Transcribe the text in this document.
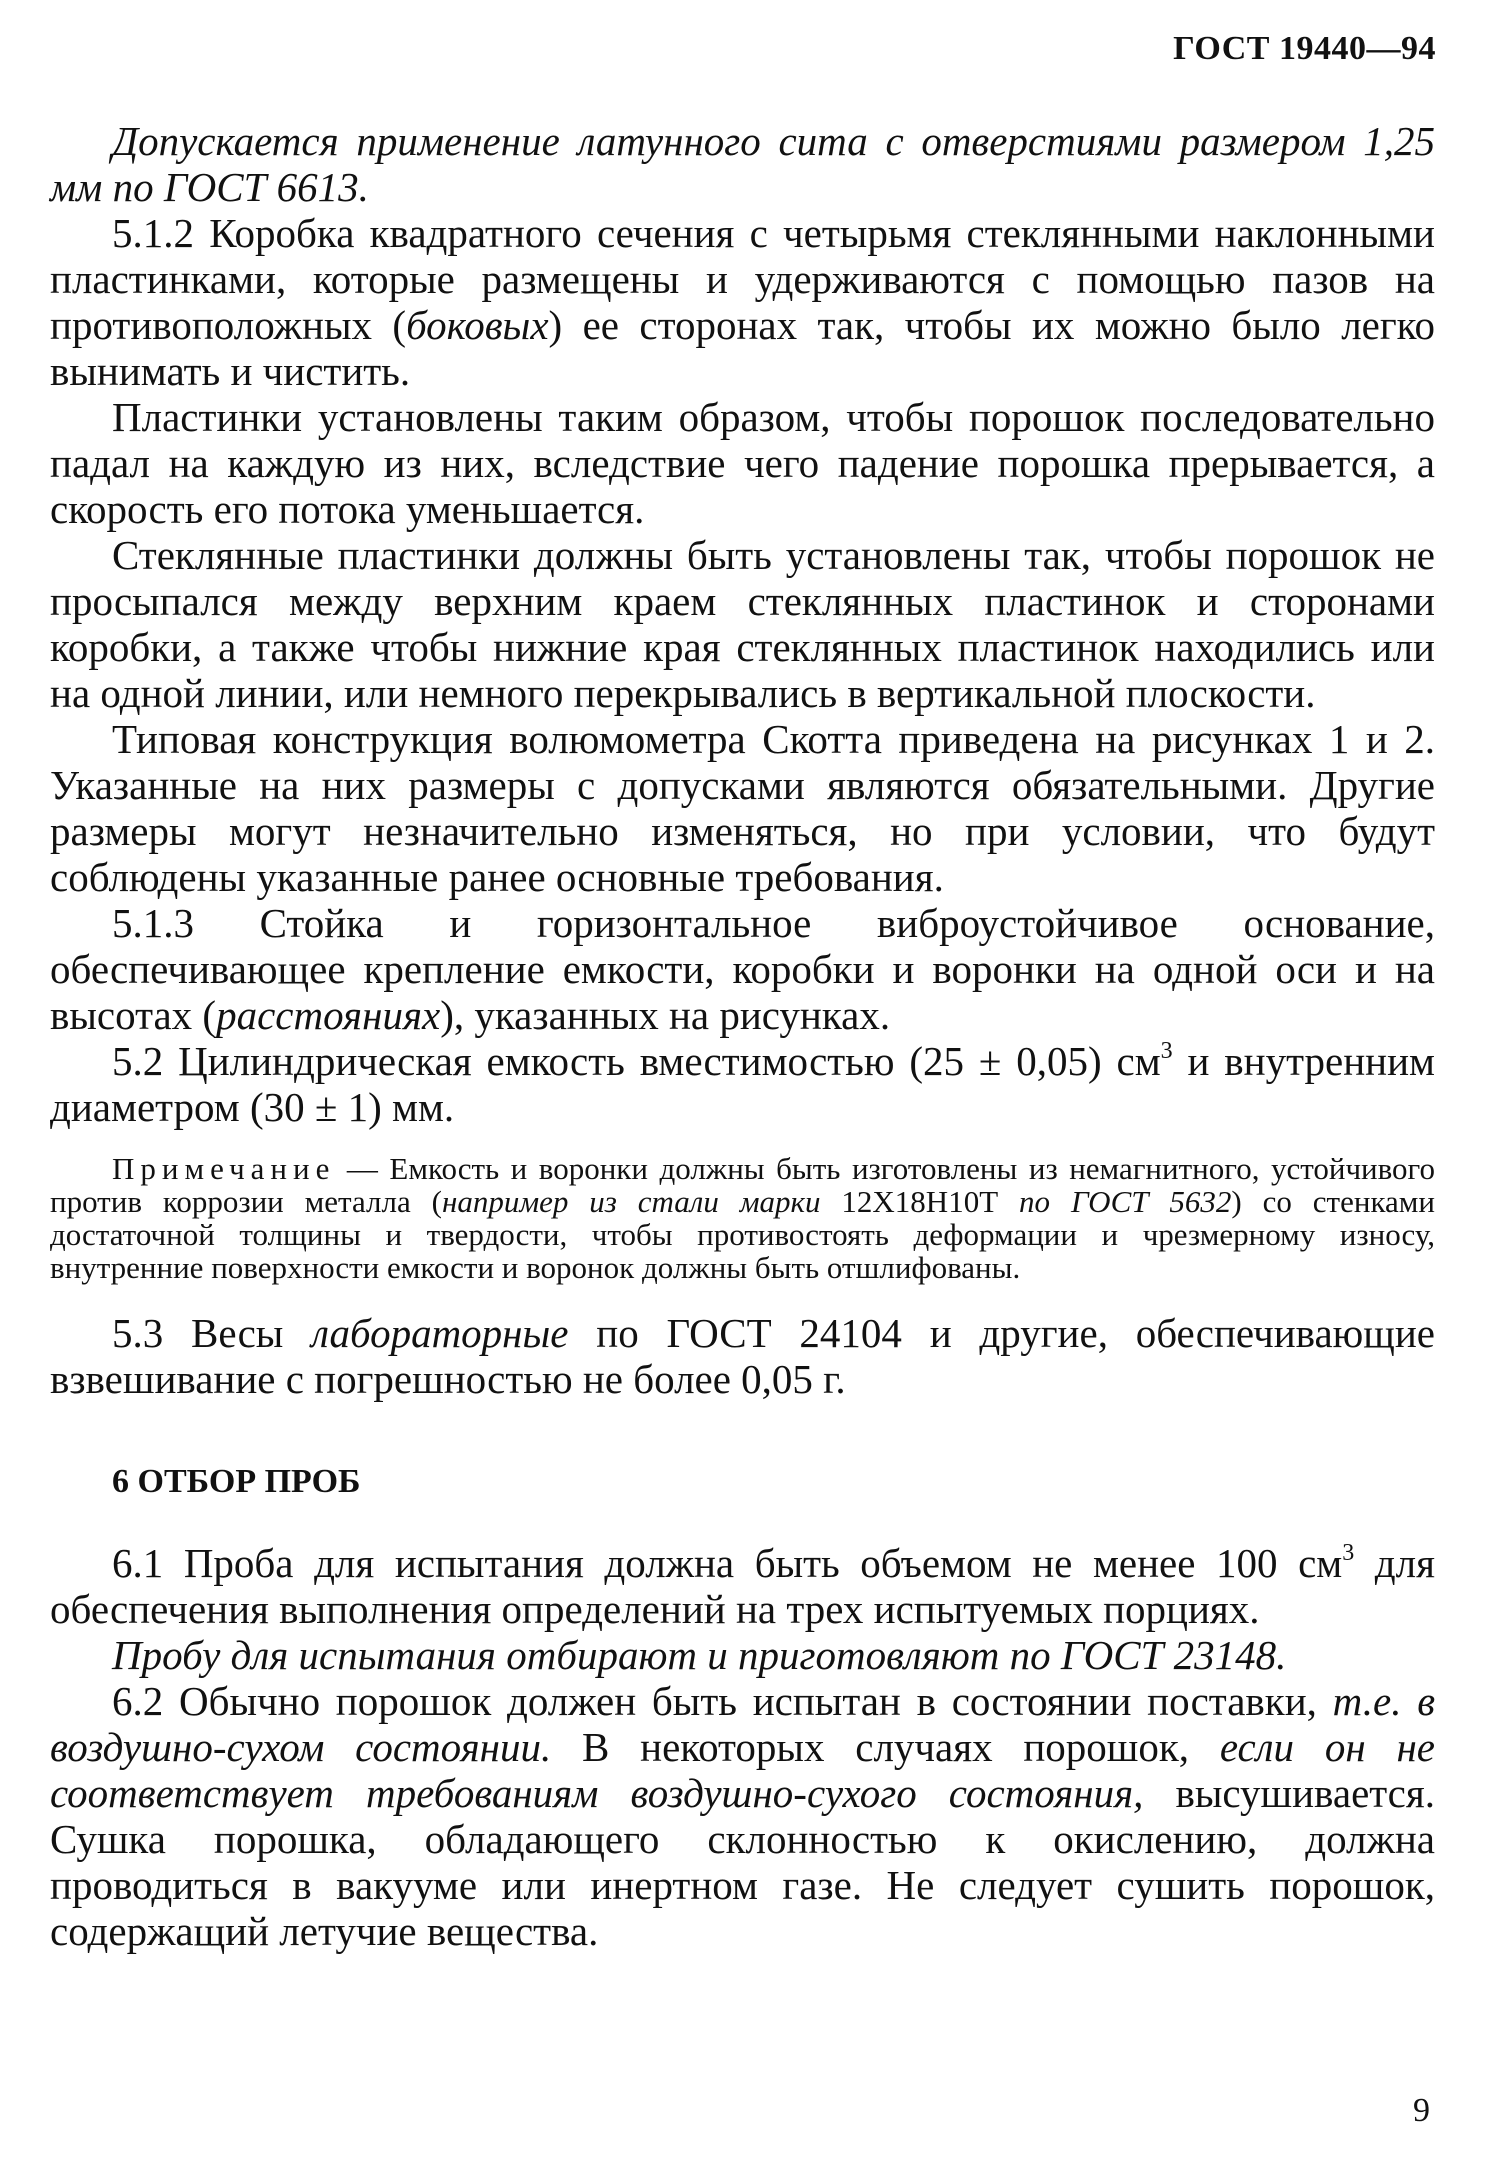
ГОСТ 19440—94

Допускается применение латунного сита с отверстиями размером 1,25 мм по ГОСТ 6613.

5.1.2 Коробка квадратного сечения с четырьмя стеклянными наклонными пластинками, которые размещены и удерживаются с помощью пазов на противоположных (боковых) ее сторонах так, чтобы их можно было легко вынимать и чистить.

Пластинки установлены таким образом, чтобы порошок последовательно падал на каждую из них, вследствие чего падение порошка прерывается, а скорость его потока уменьшается.

Стеклянные пластинки должны быть установлены так, чтобы порошок не просыпался между верхним краем стеклянных пластинок и сторонами коробки, а также чтобы нижние края стеклянных пластинок находились или на одной линии, или немного перекрывались в вертикальной плоскости.

Типовая конструкция волюмометра Скотта приведена на рисунках 1 и 2. Указанные на них размеры с допусками являются обязательными. Другие размеры могут незначительно изменяться, но при условии, что будут соблюдены указанные ранее основные требования.

5.1.3 Стойка и горизонтальное виброустойчивое основание, обеспечивающее крепление емкости, коробки и воронки на одной оси и на высотах (расстояниях), указанных на рисунках.

5.2 Цилиндрическая емкость вместимостью (25 ± 0,05) $см^3$ и внутренним диаметром (30 ± 1) мм.

Примечание — Емкость и воронки должны быть изготовлены из немагнитного, устойчивого против коррозии металла (например из стали марки 12Х18Н10Т по ГОСТ 5632) со стенками достаточной толщины и твердости, чтобы противостоять деформации и чрезмерному износу, внутренние поверхности емкости и воронок должны быть отшлифованы.

5.3 Весы лабораторные по ГОСТ 24104 и другие, обеспечивающие взвешивание с погрешностью не более 0,05 г.

6 ОТБОР ПРОБ

6.1 Проба для испытания должна быть объемом не менее 100 $см^3$ для обеспечения выполнения определений на трех испытуемых порциях.

Пробу для испытания отбирают и приготовляют по ГОСТ 23148.

6.2 Обычно порошок должен быть испытан в состоянии поставки, т.е. в воздушно-сухом состоянии. В некоторых случаях порошок, если он не соответствует требованиям воздушно-сухого состояния, высушивается. Сушка порошка, обладающего склонностью к окислению, должна проводиться в вакууме или инертном газе. Не следует сушить порошок, содержащий летучие вещества.

9
